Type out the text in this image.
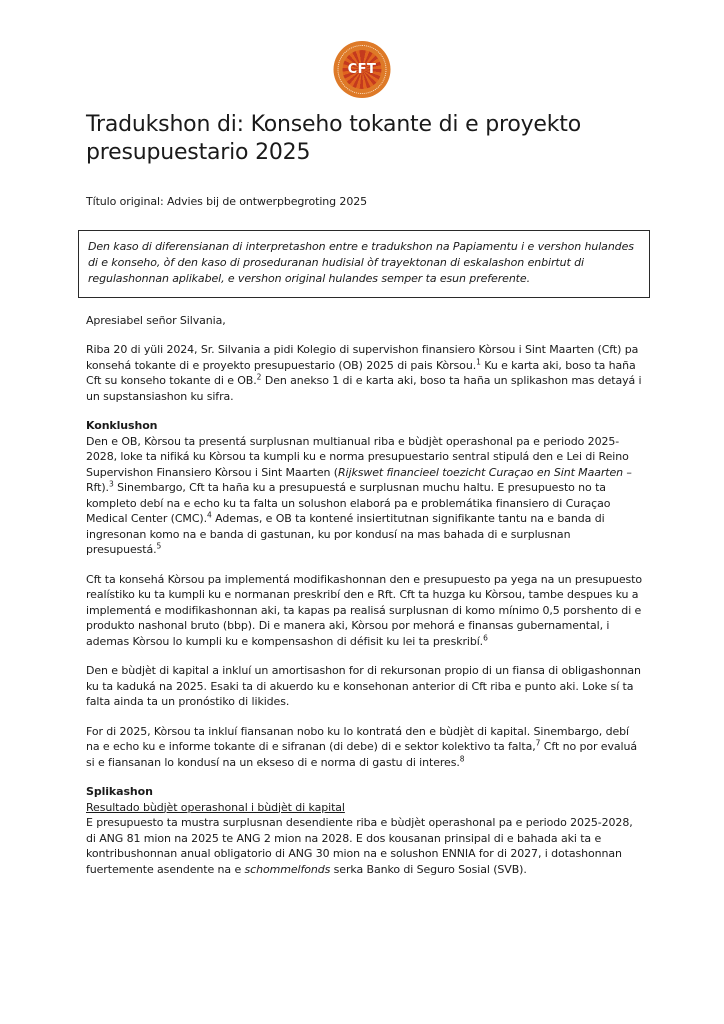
CFT
Tradukshon di: Konseho tokante di e proyekto presupuestario 2025

Título original: Advies bij de ontwerpbegroting 2025

Den kaso di diferensianan di interpretashon entre e tradukshon na Papiamentu i e vershon hulandes di e konseho, òf den kaso di proseduranan hudisial òf trayektonan di eskalashon enbirtut di regulashonnan aplikabel, e vershon original hulandes semper ta esun preferente.

Apresiabel señor Silvania,

Riba 20 di yüli 2024, Sr. Silvania a pidi Kolegio di supervishon finansiero Kòrsou i Sint Maarten (Cft) pa konsehá tokante di e proyekto presupuestario (OB) 2025 di pais Kòrsou.$^1$ Ku e karta aki, boso ta haña Cft su konseho tokante di e OB.$^2$ Den anekso 1 di e karta aki, boso ta haña un splikashon mas detayá i un supstansiashon ku sifra.

Konklushon

Den e OB, Kòrsou ta presentá surplusnan multianual riba e bùdjèt operashonal pa e periodo 2025-2028, loke ta nifiká ku Kòrsou ta kumpli ku e norma presupuestario sentral stipulá den e Lei di Reino Supervishon Finansiero Kòrsou i Sint Maarten (Rijkswet financieel toezicht Curaçao en Sint Maarten – Rft).$^3$ Sinembargo, Cft ta haña ku a presupuestá e surplusnan muchu haltu. E presupuesto no ta kompleto debí na e echo ku ta falta un solushon elaborá pa e problemátika finansiero di Curaçao Medical Center (CMC).$^4$ Ademas, e OB ta kontené insiertitutnan signifikante tantu na e banda di ingresonan komo na e banda di gastunan, ku por kondusí na mas bahada di e surplusnan presupuestá.$^5$

Cft ta konsehá Kòrsou pa implementá modifikashonnan den e presupuesto pa yega na un presupuesto realístiko ku ta kumpli ku e normanan preskribí den e Rft. Cft ta huzga ku Kòrsou, tambe despues ku a implementá e modifikashonnan aki, ta kapas pa realisá surplusnan di komo mínimo 0,5 porshento di e produkto nashonal bruto (bbp). Di e manera aki, Kòrsou por mehorá e finansas gubernamental, i ademas Kòrsou lo kumpli ku e kompensashon di défisit ku lei ta preskribí.$^6$

Den e bùdjèt di kapital a inkluí un amortisashon for di rekursonan propio di un fiansa di obligashonnan ku ta kaduká na 2025. Esaki ta di akuerdo ku e konsehonan anterior di Cft riba e punto aki. Loke sí ta falta ainda ta un pronóstiko di likides.

For di 2025, Kòrsou ta inkluí fiansanan nobo ku lo kontratá den e bùdjèt di kapital. Sinembargo, debí na e echo ku e informe tokante di e sifranan (di debe) di e sektor kolektivo ta falta,$^7$ Cft no por evaluá si e fiansanan lo kondusí na un ekseso di e norma di gastu di interes.$^8$

Splikashon

Resultado bùdjèt operashonal i bùdjèt di kapital

E presupuesto ta mustra surplusnan desendiente riba e bùdjèt operashonal pa e periodo 2025-2028, di ANG 81 mion na 2025 te ANG 2 mion na 2028. E dos kousanan prinsipal di e bahada aki ta e kontribushonnan anual obligatorio di ANG 30 mion na e solushon ENNIA for di 2027, i dotashonnan fuertemente asendente na e schommelfonds serka Banko di Seguro Sosial (SVB).
